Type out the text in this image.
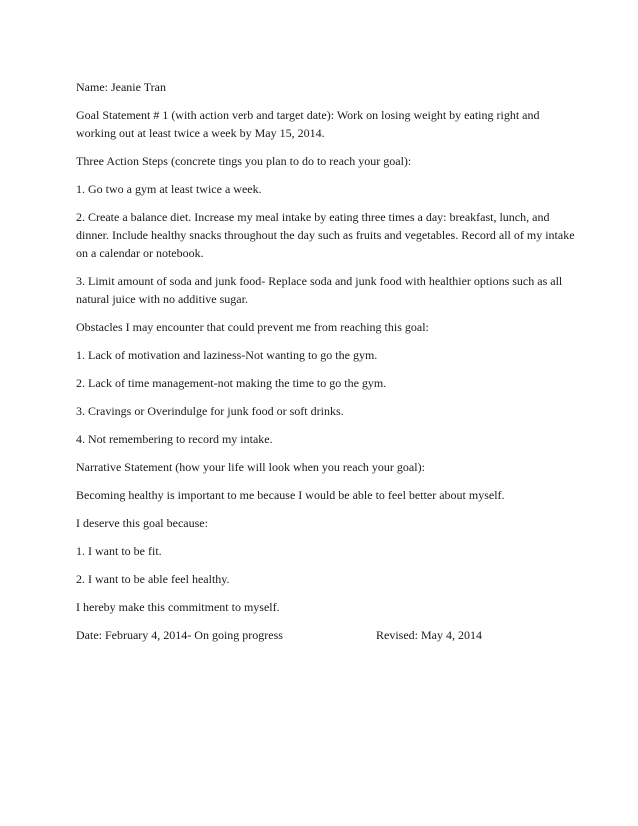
Name: Jeanie Tran

Goal Statement # 1 (with action verb and target date): Work on losing weight by eating right and working out at least twice a week by May 15, 2014.

Three Action Steps (concrete tings you plan to do to reach your goal):

1. Go two a gym at least twice a week.

2. Create a balance diet. Increase my meal intake by eating three times a day: breakfast, lunch, and dinner. Include healthy snacks throughout the day such as fruits and vegetables. Record all of my intake on a calendar or notebook.

3. Limit amount of soda and junk food- Replace soda and junk food with healthier options such as all natural juice with no additive sugar.

Obstacles I may encounter that could prevent me from reaching this goal:

1. Lack of motivation and laziness-Not wanting to go the gym.

2. Lack of time management-not making the time to go the gym.

3. Cravings or Overindulge for junk food or soft drinks.

4. Not remembering to record my intake.

Narrative Statement (how your life will look when you reach your goal):

Becoming healthy is important to me because I would be able to feel better about myself.

I deserve this goal because:

1. I want to be fit.

2. I want to be able feel healthy.

I hereby make this commitment to myself.

Date: February 4, 2014- On going progress	Revised: May 4, 2014
